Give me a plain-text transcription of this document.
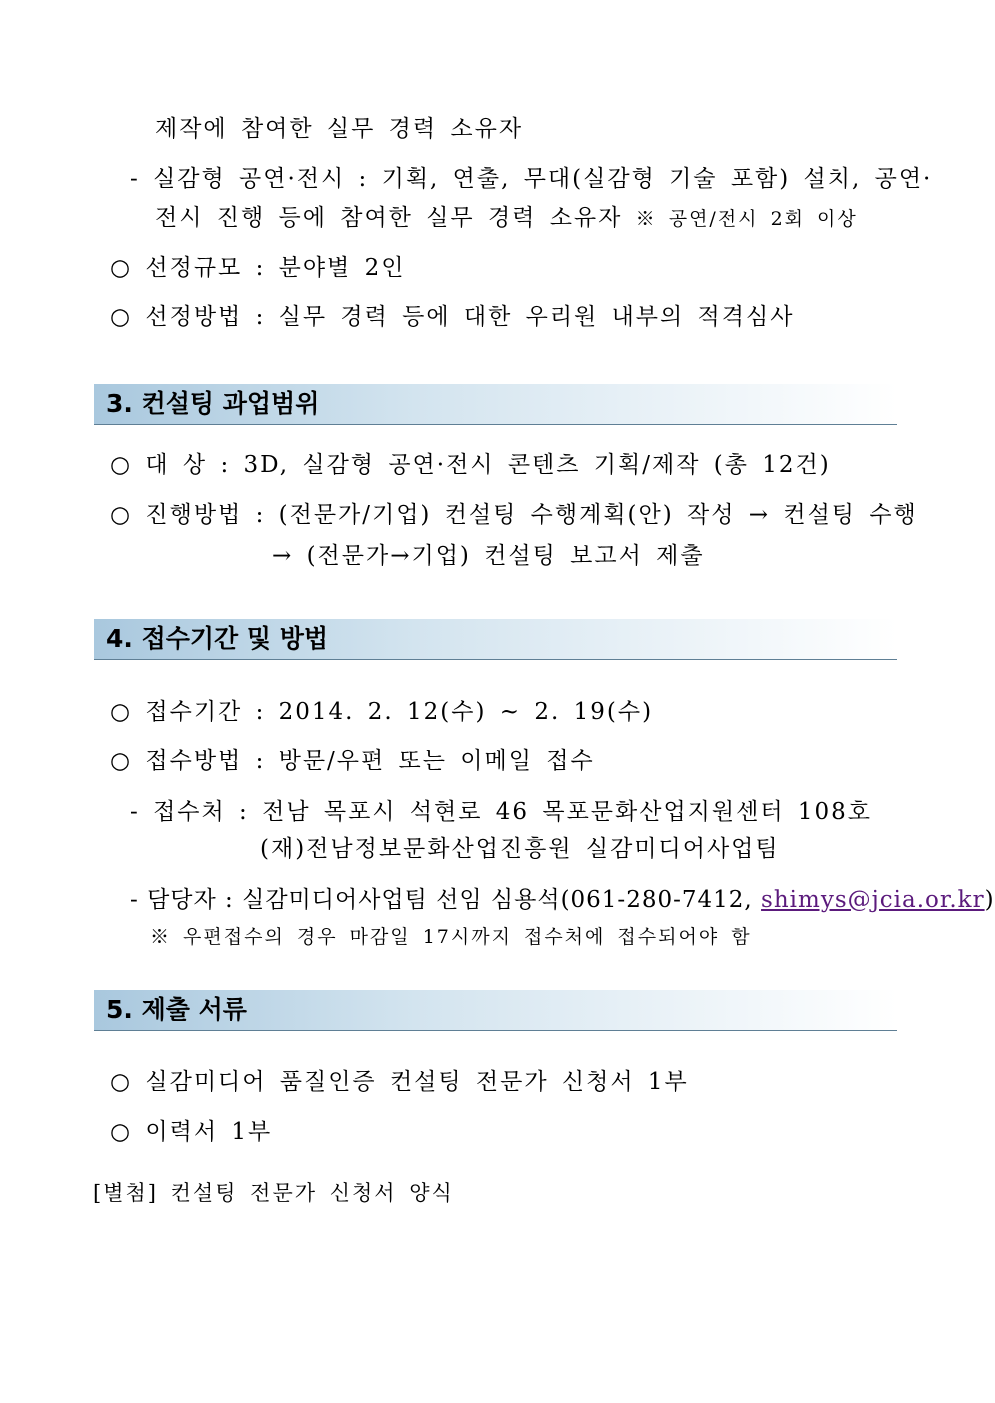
제작에 참여한 실무 경력 소유자
- 실감형 공연·전시 : 기획, 연출, 무대(실감형 기술 포함) 설치, 공연·
전시 진행 등에 참여한 실무 경력 소유자 ※ 공연/전시 2회 이상
○ 선정규모 : 분야별 2인
○ 선정방법 : 실무 경력 등에 대한 우리원 내부의 적격심사
3. 컨설팅 과업범위
○ 대 상 : 3D, 실감형 공연·전시 콘텐츠 기획/제작 (총 12건)
○ 진행방법 : (전문가/기업) 컨설팅 수행계획(안) 작성 → 컨설팅 수행
→ (전문가→기업) 컨설팅 보고서 제출
4. 접수기간 및 방법
○ 접수기간 : 2014. 2. 12(수) ~ 2. 19(수)
○ 접수방법 : 방문/우편 또는 이메일 접수
- 접수처 : 전남 목포시 석현로 46 목포문화산업지원센터 108호
(재)전남정보문화산업진흥원 실감미디어사업팀
- 담당자 : 실감미디어사업팀 선임 심용석(061-280-7412, shimys@jcia.or.kr)
※ 우편접수의 경우 마감일 17시까지 접수처에 접수되어야 함
5. 제출 서류
○ 실감미디어 품질인증 컨설팅 전문가 신청서 1부
○ 이력서 1부
[별첨] 컨설팅 전문가 신청서 양식
